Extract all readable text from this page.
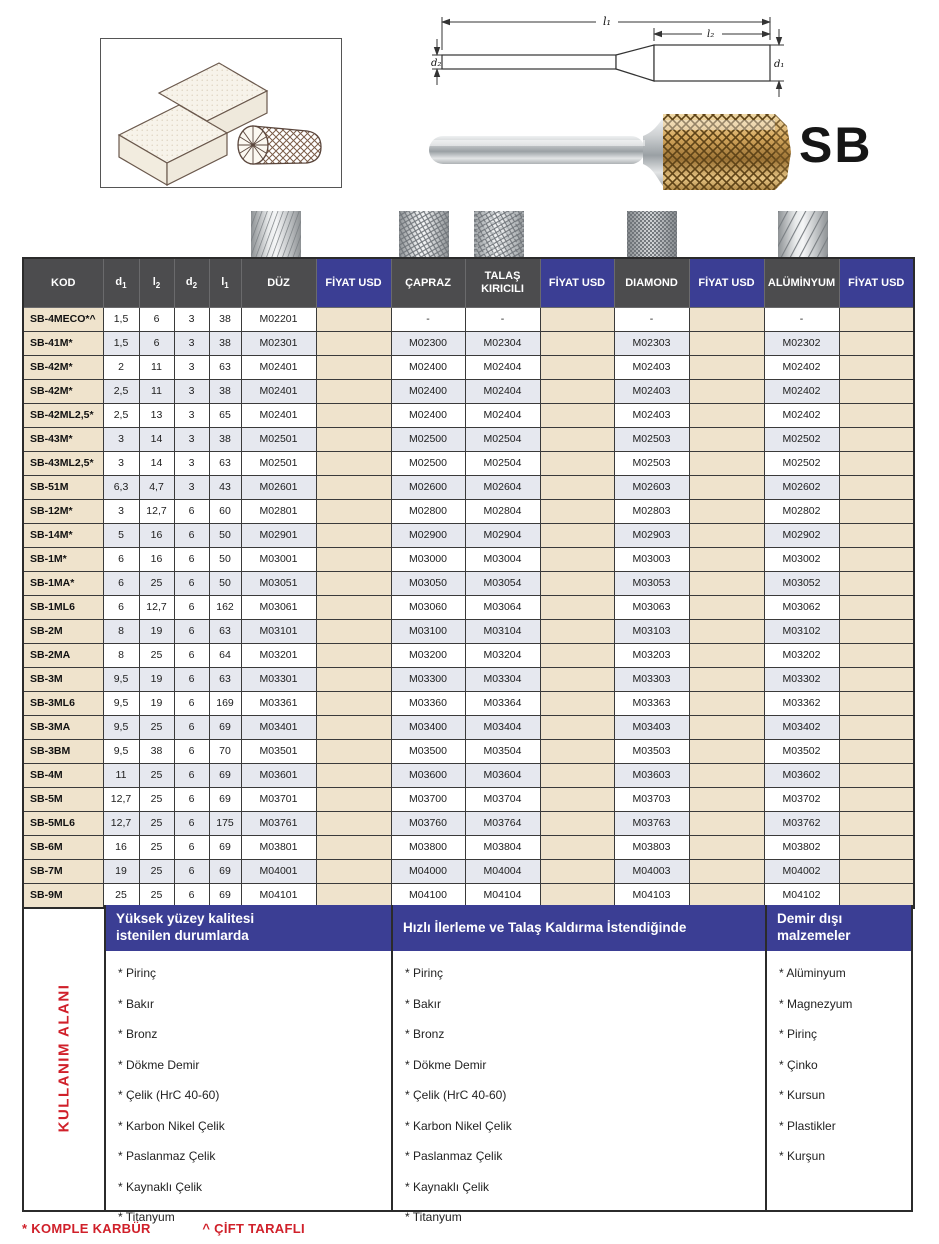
l₁
l₂
d₂	d₁
SB
KOD	$d_1$	$l_2$	$d_2$	$l_1$	DÜZ	FİYAT USD	ÇAPRAZ	TALAŞ KIRICILI	FİYAT USD	DIAMOND	FİYAT USD	ALÜMİNYUM	FİYAT USD
SB-4MECO*^	1,5	6	3	38	M02201		-	-		-		-	
SB-41M*	1,5	6	3	38	M02301		M02300	M02304		M02303		M02302	
SB-42M*	2	11	3	63	M02401		M02400	M02404		M02403		M02402	
SB-42M*	2,5	11	3	38	M02401		M02400	M02404		M02403		M02402	
SB-42ML2,5*	2,5	13	3	65	M02401		M02400	M02404		M02403		M02402	
SB-43M*	3	14	3	38	M02501		M02500	M02504		M02503		M02502	
SB-43ML2,5*	3	14	3	63	M02501		M02500	M02504		M02503		M02502	
SB-51M	6,3	4,7	3	43	M02601		M02600	M02604		M02603		M02602	
SB-12M*	3	12,7	6	60	M02801		M02800	M02804		M02803		M02802	
SB-14M*	5	16	6	50	M02901		M02900	M02904		M02903		M02902	
SB-1M*	6	16	6	50	M03001		M03000	M03004		M03003		M03002	
SB-1MA*	6	25	6	50	M03051		M03050	M03054		M03053		M03052	
SB-1ML6	6	12,7	6	162	M03061		M03060	M03064		M03063		M03062	
SB-2M	8	19	6	63	M03101		M03100	M03104		M03103		M03102	
SB-2MA	8	25	6	64	M03201		M03200	M03204		M03203		M03202	
SB-3M	9,5	19	6	63	M03301		M03300	M03304		M03303		M03302	
SB-3ML6	9,5	19	6	169	M03361		M03360	M03364		M03363		M03362	
SB-3MA	9,5	25	6	69	M03401		M03400	M03404		M03403		M03402	
SB-3BM	9,5	38	6	70	M03501		M03500	M03504		M03503		M03502	
SB-4M	11	25	6	69	M03601		M03600	M03604		M03603		M03602	
SB-5M	12,7	25	6	69	M03701		M03700	M03704		M03703		M03702	
SB-5ML6	12,7	25	6	175	M03761		M03760	M03764		M03763		M03762	
SB-6M	16	25	6	69	M03801		M03800	M03804		M03803		M03802	
SB-7M	19	25	6	69	M04001		M04000	M04004		M04003		M04002	
SB-9M	25	25	6	69	M04101		M04100	M04104		M04103		M04102	
KULLANIM ALANI
Yüksek yüzey kalitesi istenilen durumlarda
* Pirinç
* Bakır
* Bronz
* Dökme Demir
* Çelik (HrC 40-60)
* Karbon Nikel Çelik
* Paslanmaz Çelik
* Kaynaklı Çelik
* Titanyum
Hızlı İlerleme ve Talaş Kaldırma İstendiğinde
* Pirinç
* Bakır
* Bronz
* Dökme Demir
* Çelik (HrC 40-60)
* Karbon Nikel Çelik
* Paslanmaz Çelik
* Kaynaklı Çelik
* Titanyum
Demir dışı malzemeler
* Alüminyum
* Magnezyum
* Pirinç
* Çinko
* Kursun
* Plastikler
* Kurşun
* KOMPLE KARBÜR	^ ÇİFT TARAFLI
